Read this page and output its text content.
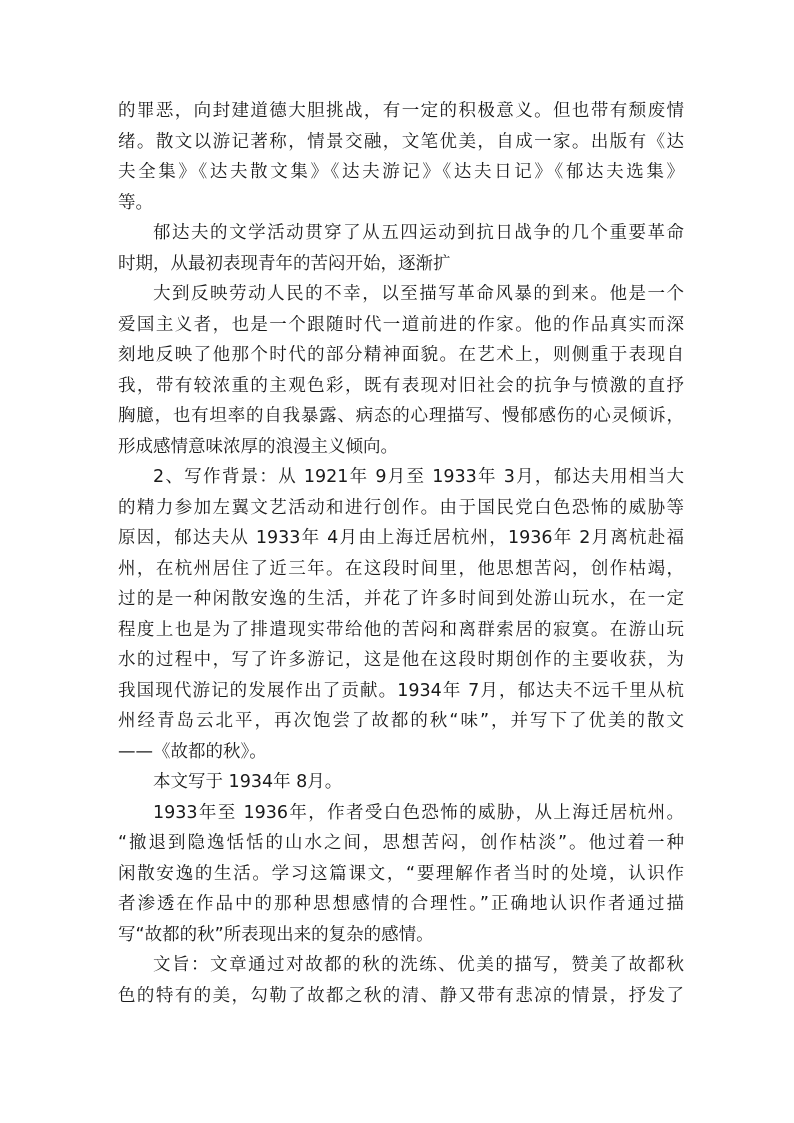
的罪恶，向封建道德大胆挑战，有一定的积极意义。但也带有颓废情
绪。散文以游记著称，情景交融，文笔优美，自成一家。出版有《达
夫全集》《达夫散文集》《达夫游记》《达夫日记》《郁达夫选集》
等。
郁达夫的文学活动贯穿了从五四运动到抗日战争的几个重要革命
时期，从最初表现青年的苦闷开始，逐渐扩
大到反映劳动人民的不幸，以至描写革命风暴的到来。他是一个
爱国主义者，也是一个跟随时代一道前进的作家。他的作品真实而深
刻地反映了他那个时代的部分精神面貌。在艺术上，则侧重于表现自
我，带有较浓重的主观色彩，既有表现对旧社会的抗争与愤激的直抒
胸臆，也有坦率的自我暴露、病态的心理描写、慢郁感伤的心灵倾诉，
形成感情意味浓厚的浪漫主义倾向。
2、写作背景：从 1921年 9月至 1933年 3月，郁达夫用相当大
的精力参加左翼文艺活动和进行创作。由于国民党白色恐怖的威胁等
原因，郁达夫从 1933年 4月由上海迁居杭州，1936年 2月离杭赴福
州，在杭州居住了近三年。在这段时间里，他思想苦闷，创作枯竭，
过的是一种闲散安逸的生活，并花了许多时间到处游山玩水，在一定
程度上也是为了排遣现实带给他的苦闷和离群索居的寂寞。在游山玩
水的过程中，写了许多游记，这是他在这段时期创作的主要收获，为
我国现代游记的发展作出了贡献。1934年 7月，郁达夫不远千里从杭
州经青岛云北平，再次饱尝了故都的秋“味”，并写下了优美的散文
——《故都的秋》。
本文写于 1934年 8月。
1933年至 1936年，作者受白色恐怖的威胁，从上海迁居杭州。
“撤退到隐逸恬恬的山水之间，思想苦闷，创作枯淡”。他过着一种
闲散安逸的生活。学习这篇课文，“要理解作者当时的处境，认识作
者渗透在作品中的那种思想感情的合理性。”正确地认识作者通过描
写“故都的秋”所表现出来的复杂的感情。
文旨：文章通过对故都的秋的洗练、优美的描写，赞美了故都秋
色的特有的美，勾勒了故都之秋的清、静又带有悲凉的情景，抒发了
